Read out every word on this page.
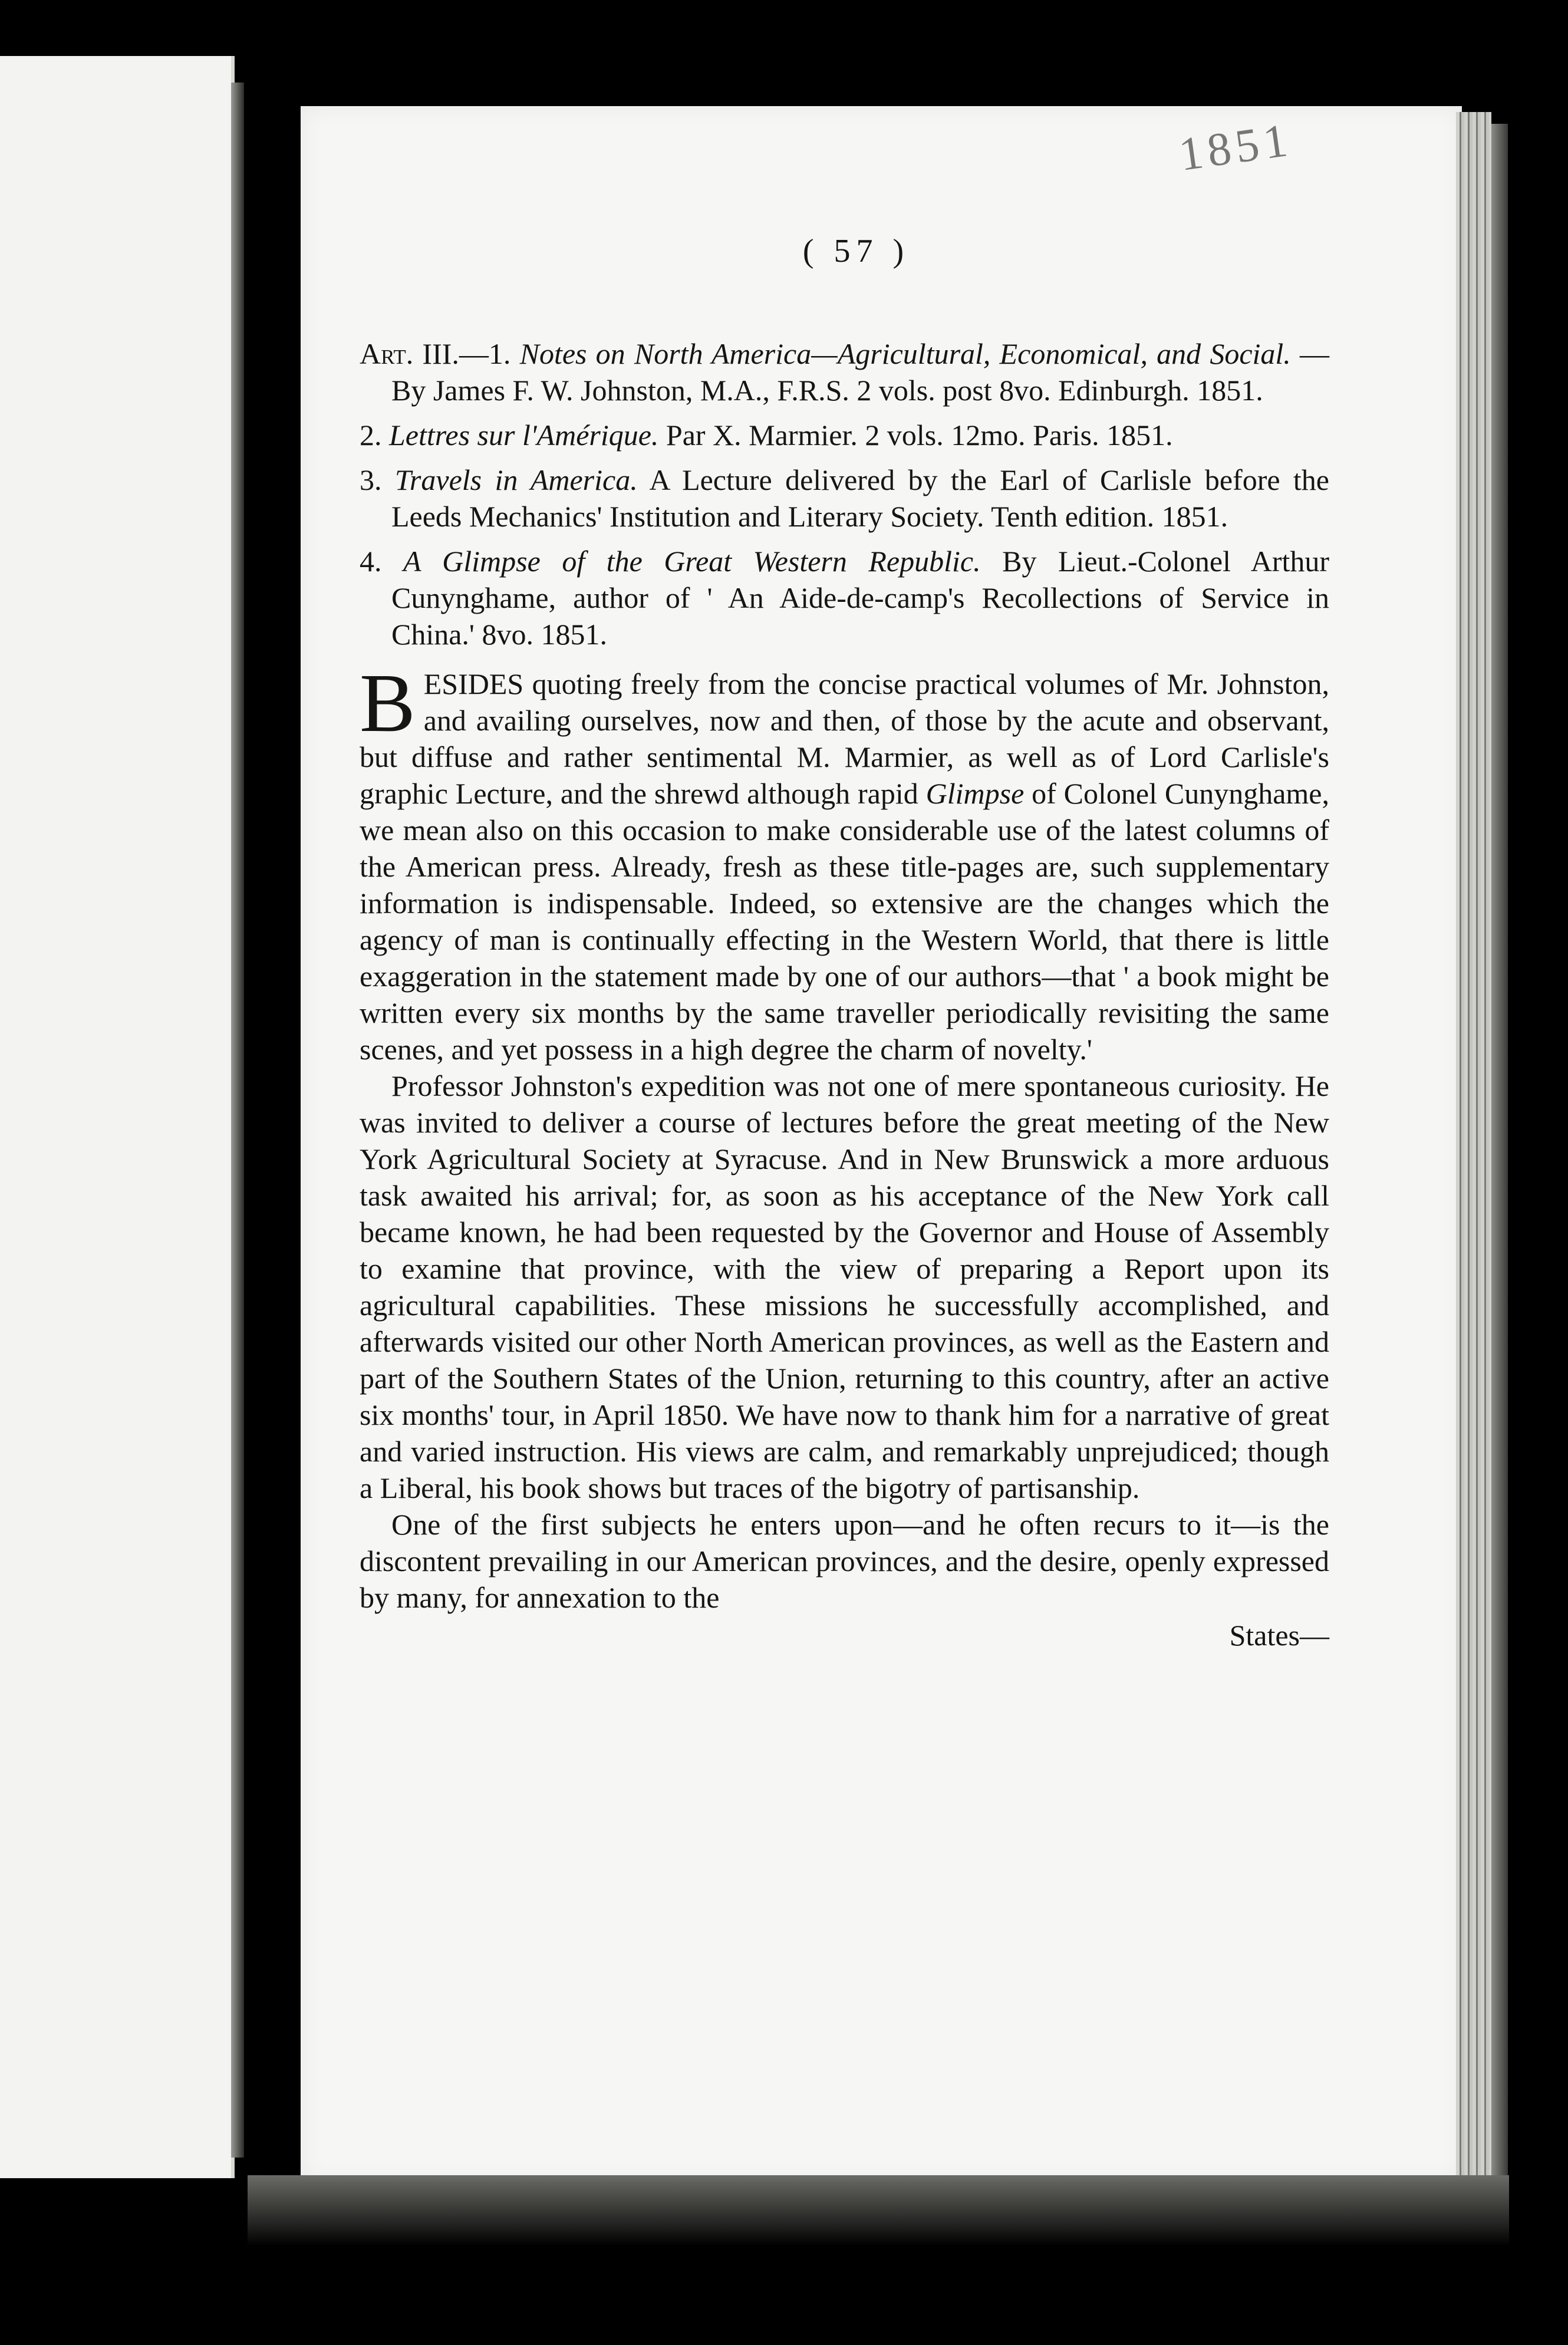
1851
( 57 )
Art. III.—1. Notes on North America—Agricultural, Economical, and Social. —By James F. W. Johnston, M.A., F.R.S. 2 vols. post 8vo. Edinburgh. 1851.
2. Lettres sur l'Amérique. Par X. Marmier. 2 vols. 12mo. Paris. 1851.
3. Travels in America. A Lecture delivered by the Earl of Carlisle before the Leeds Mechanics' Institution and Literary Society. Tenth edition. 1851.
4. A Glimpse of the Great Western Republic. By Lieut.-Colonel Arthur Cunynghame, author of ' An Aide-de-camp's Recollections of Service in China.' 8vo. 1851.

BESIDES quoting freely from the concise practical volumes of Mr. Johnston, and availing ourselves, now and then, of those by the acute and observant, but diffuse and rather sentimental M. Marmier, as well as of Lord Carlisle's graphic Lecture, and the shrewd although rapid Glimpse of Colonel Cunynghame, we mean also on this occasion to make considerable use of the latest columns of the American press. Already, fresh as these title-pages are, such supplementary information is indispensable. Indeed, so extensive are the changes which the agency of man is continually effecting in the Western World, that there is little exaggeration in the statement made by one of our authors—that ' a book might be written every six months by the same traveller periodically revisiting the same scenes, and yet possess in a high degree the charm of novelty.'

Professor Johnston's expedition was not one of mere spontaneous curiosity. He was invited to deliver a course of lectures before the great meeting of the New York Agricultural Society at Syracuse. And in New Brunswick a more arduous task awaited his arrival; for, as soon as his acceptance of the New York call became known, he had been requested by the Governor and House of Assembly to examine that province, with the view of preparing a Report upon its agricultural capabilities. These missions he successfully accomplished, and afterwards visited our other North American provinces, as well as the Eastern and part of the Southern States of the Union, returning to this country, after an active six months' tour, in April 1850. We have now to thank him for a narrative of great and varied instruction. His views are calm, and remarkably unprejudiced; though a Liberal, his book shows but traces of the bigotry of partisanship.

One of the first subjects he enters upon—and he often recurs to it—is the discontent prevailing in our American provinces, and the desire, openly expressed by many, for annexation to the

States—
